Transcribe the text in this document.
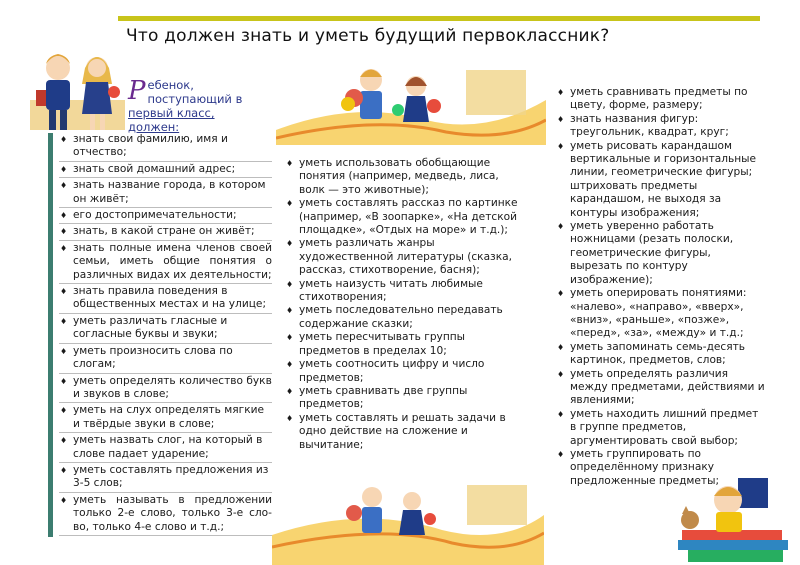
Что должен знать и уметь будущий первоклассник?
Р ебенок,
поступающий в
первый класс, должен:
♦ знать свои фамилию, имя и отчество;
♦ знать свой домашний адрес;
♦ знать название города, в котором он живёт;
♦ его достопримечательности;
♦ знать, в какой стране он живёт;
♦ знать полные имена членов своей семьи, иметь общие понятия о различных видах их деятельности;
♦ знать правила поведения в общественных местах и на улице;
♦ уметь различать гласные и согласные буквы и звуки;
♦ уметь произносить слова по слогам;
♦ уметь определять количество букв и звуков в слове;
♦ уметь на слух определять мягкие и твёрдые звуки в слове;
♦ уметь назвать слог, на который в слове падает ударение;
♦ уметь составлять предложения из 3-5 слов;
♦ уметь называть в предложении только 2-е слово, только 3-е сло-во, только 4-е слово и т.д.;
♦ уметь использовать обобщающие понятия (например, медведь, лиса, волк — это животные);
♦ уметь составлять рассказ по картинке (например, «В зоопарке», «На детской площадке», «Отдых на море» и т.д.);
♦ уметь различать жанры художественной литературы (сказка, рассказ, стихотворение, басня);
♦ уметь наизусть читать любимые стихотворения;
♦ уметь последовательно передавать содержание сказки;
♦ уметь пересчитывать группы предметов в пределах 10;
♦ уметь соотносить цифру и число предметов;
♦ уметь сравнивать две группы предметов;
♦ уметь составлять и решать задачи в одно действие на сложение и вычитание;
♦ уметь сравнивать предметы по цвету, форме, размеру;
♦ знать названия фигур: треугольник, квадрат, круг;
♦ уметь рисовать карандашом вертикальные и горизонтальные линии, геометрические фигуры; штриховать предметы карандашом, не выходя за контуры изображения;
♦ уметь уверенно работать ножницами (резать полоски, геометрические фигуры, вырезать по контуру изображение);
♦ уметь оперировать понятиями: «налево», «направо», «вверх», «вниз», «раньше», «позже», «перед», «за», «между» и т.д.;
♦ уметь запоминать семь-десять картинок, предметов, слов;
♦ уметь определять различия между предметами, действиями и явлениями;
♦ уметь находить лишний предмет в группе предметов, аргументировать свой выбор;
♦ уметь группировать по определённому признаку предложенные предметы;
